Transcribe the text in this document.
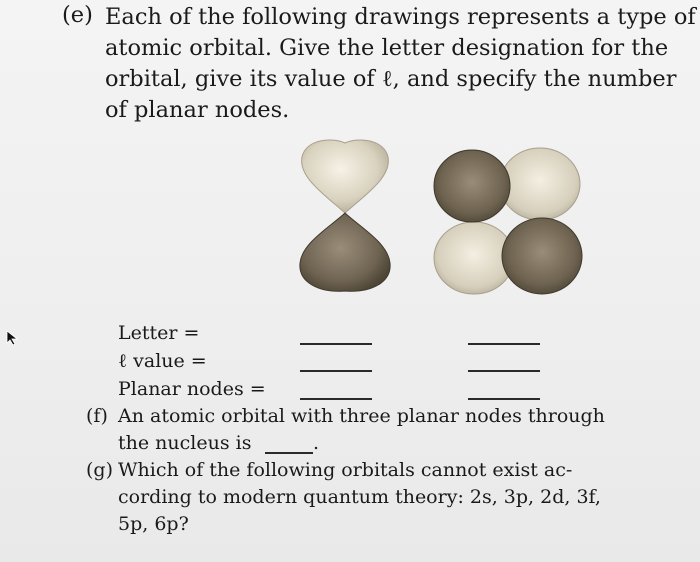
(e) Each of the following drawings represents a type of
atomic orbital. Give the letter designation for the
orbital, give its value of ℓ, and specify the number
of planar nodes.
Letter =
ℓ value =
Planar nodes =
(f) An atomic orbital with three planar nodes through
the nucleus is	.
(g) Which of the following orbitals cannot exist ac-
cording to modern quantum theory: 2s, 3p, 2d, 3f,
5p, 6p?
